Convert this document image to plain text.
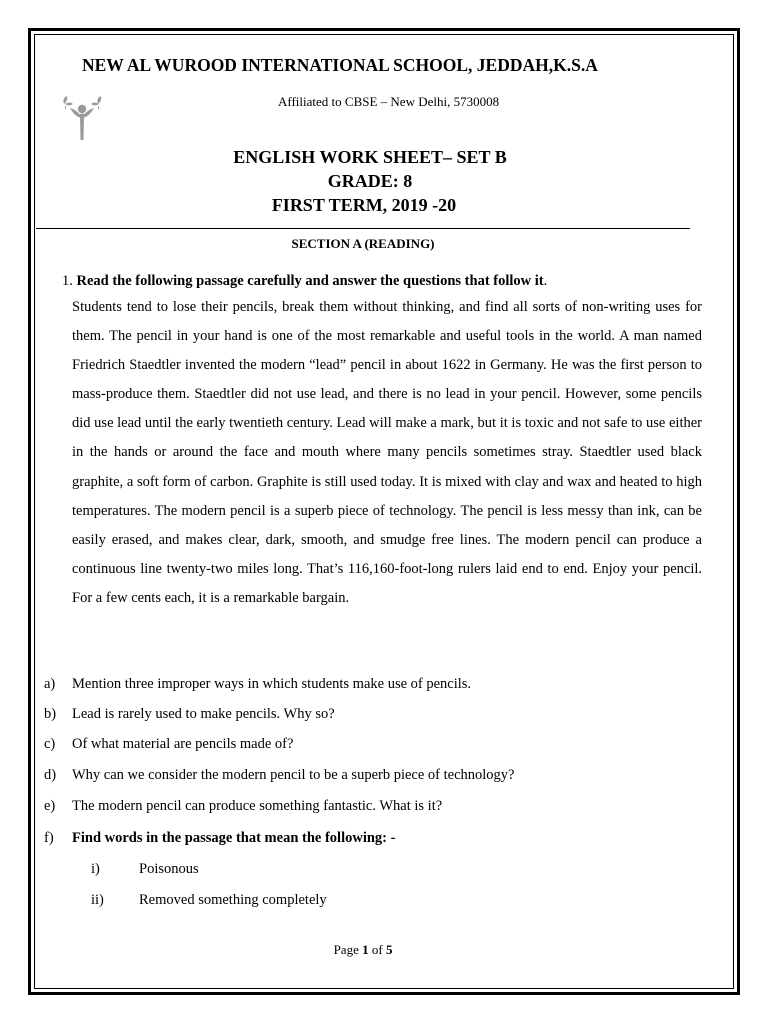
NEW AL WUROOD INTERNATIONAL SCHOOL, JEDDAH,K.S.A
Affiliated to CBSE – New Delhi, 5730008
ENGLISH WORK SHEET– SET B
GRADE: 8
FIRST TERM, 2019 -20
SECTION A (READING)
1. Read the following passage carefully and answer the questions that follow it.
Students tend to lose their pencils, break them without thinking, and find all sorts of non-writing uses for them. The pencil in your hand is one of the most remarkable and useful tools in the world. A man named Friedrich Staedtler invented the modern “lead” pencil in about 1622 in Germany. He was the first person to mass-produce them. Staedtler did not use lead, and there is no lead in your pencil. However, some pencils did use lead until the early twentieth century. Lead will make a mark, but it is toxic and not safe to use either in the hands or around the face and mouth where many pencils sometimes stray. Staedtler used black graphite, a soft form of carbon. Graphite is still used today. It is mixed with clay and wax and heated to high temperatures. The modern pencil is a superb piece of technology. The pencil is less messy than ink, can be easily erased, and makes clear, dark, smooth, and smudge free lines. The modern pencil can produce a continuous line twenty-two miles long. That’s 116,160-foot-long rulers laid end to end. Enjoy your pencil. For a few cents each, it is a remarkable bargain.
a) Mention three improper ways in which students make use of pencils.
b) Lead is rarely used to make pencils. Why so?
c) Of what material are pencils made of?
d) Why can we consider the modern pencil to be a superb piece of technology?
e) The modern pencil can produce something fantastic. What is it?
f) Find words in the passage that mean the following: -
i)	Poisonous
ii) Removed something completely
Page 1 of 5
